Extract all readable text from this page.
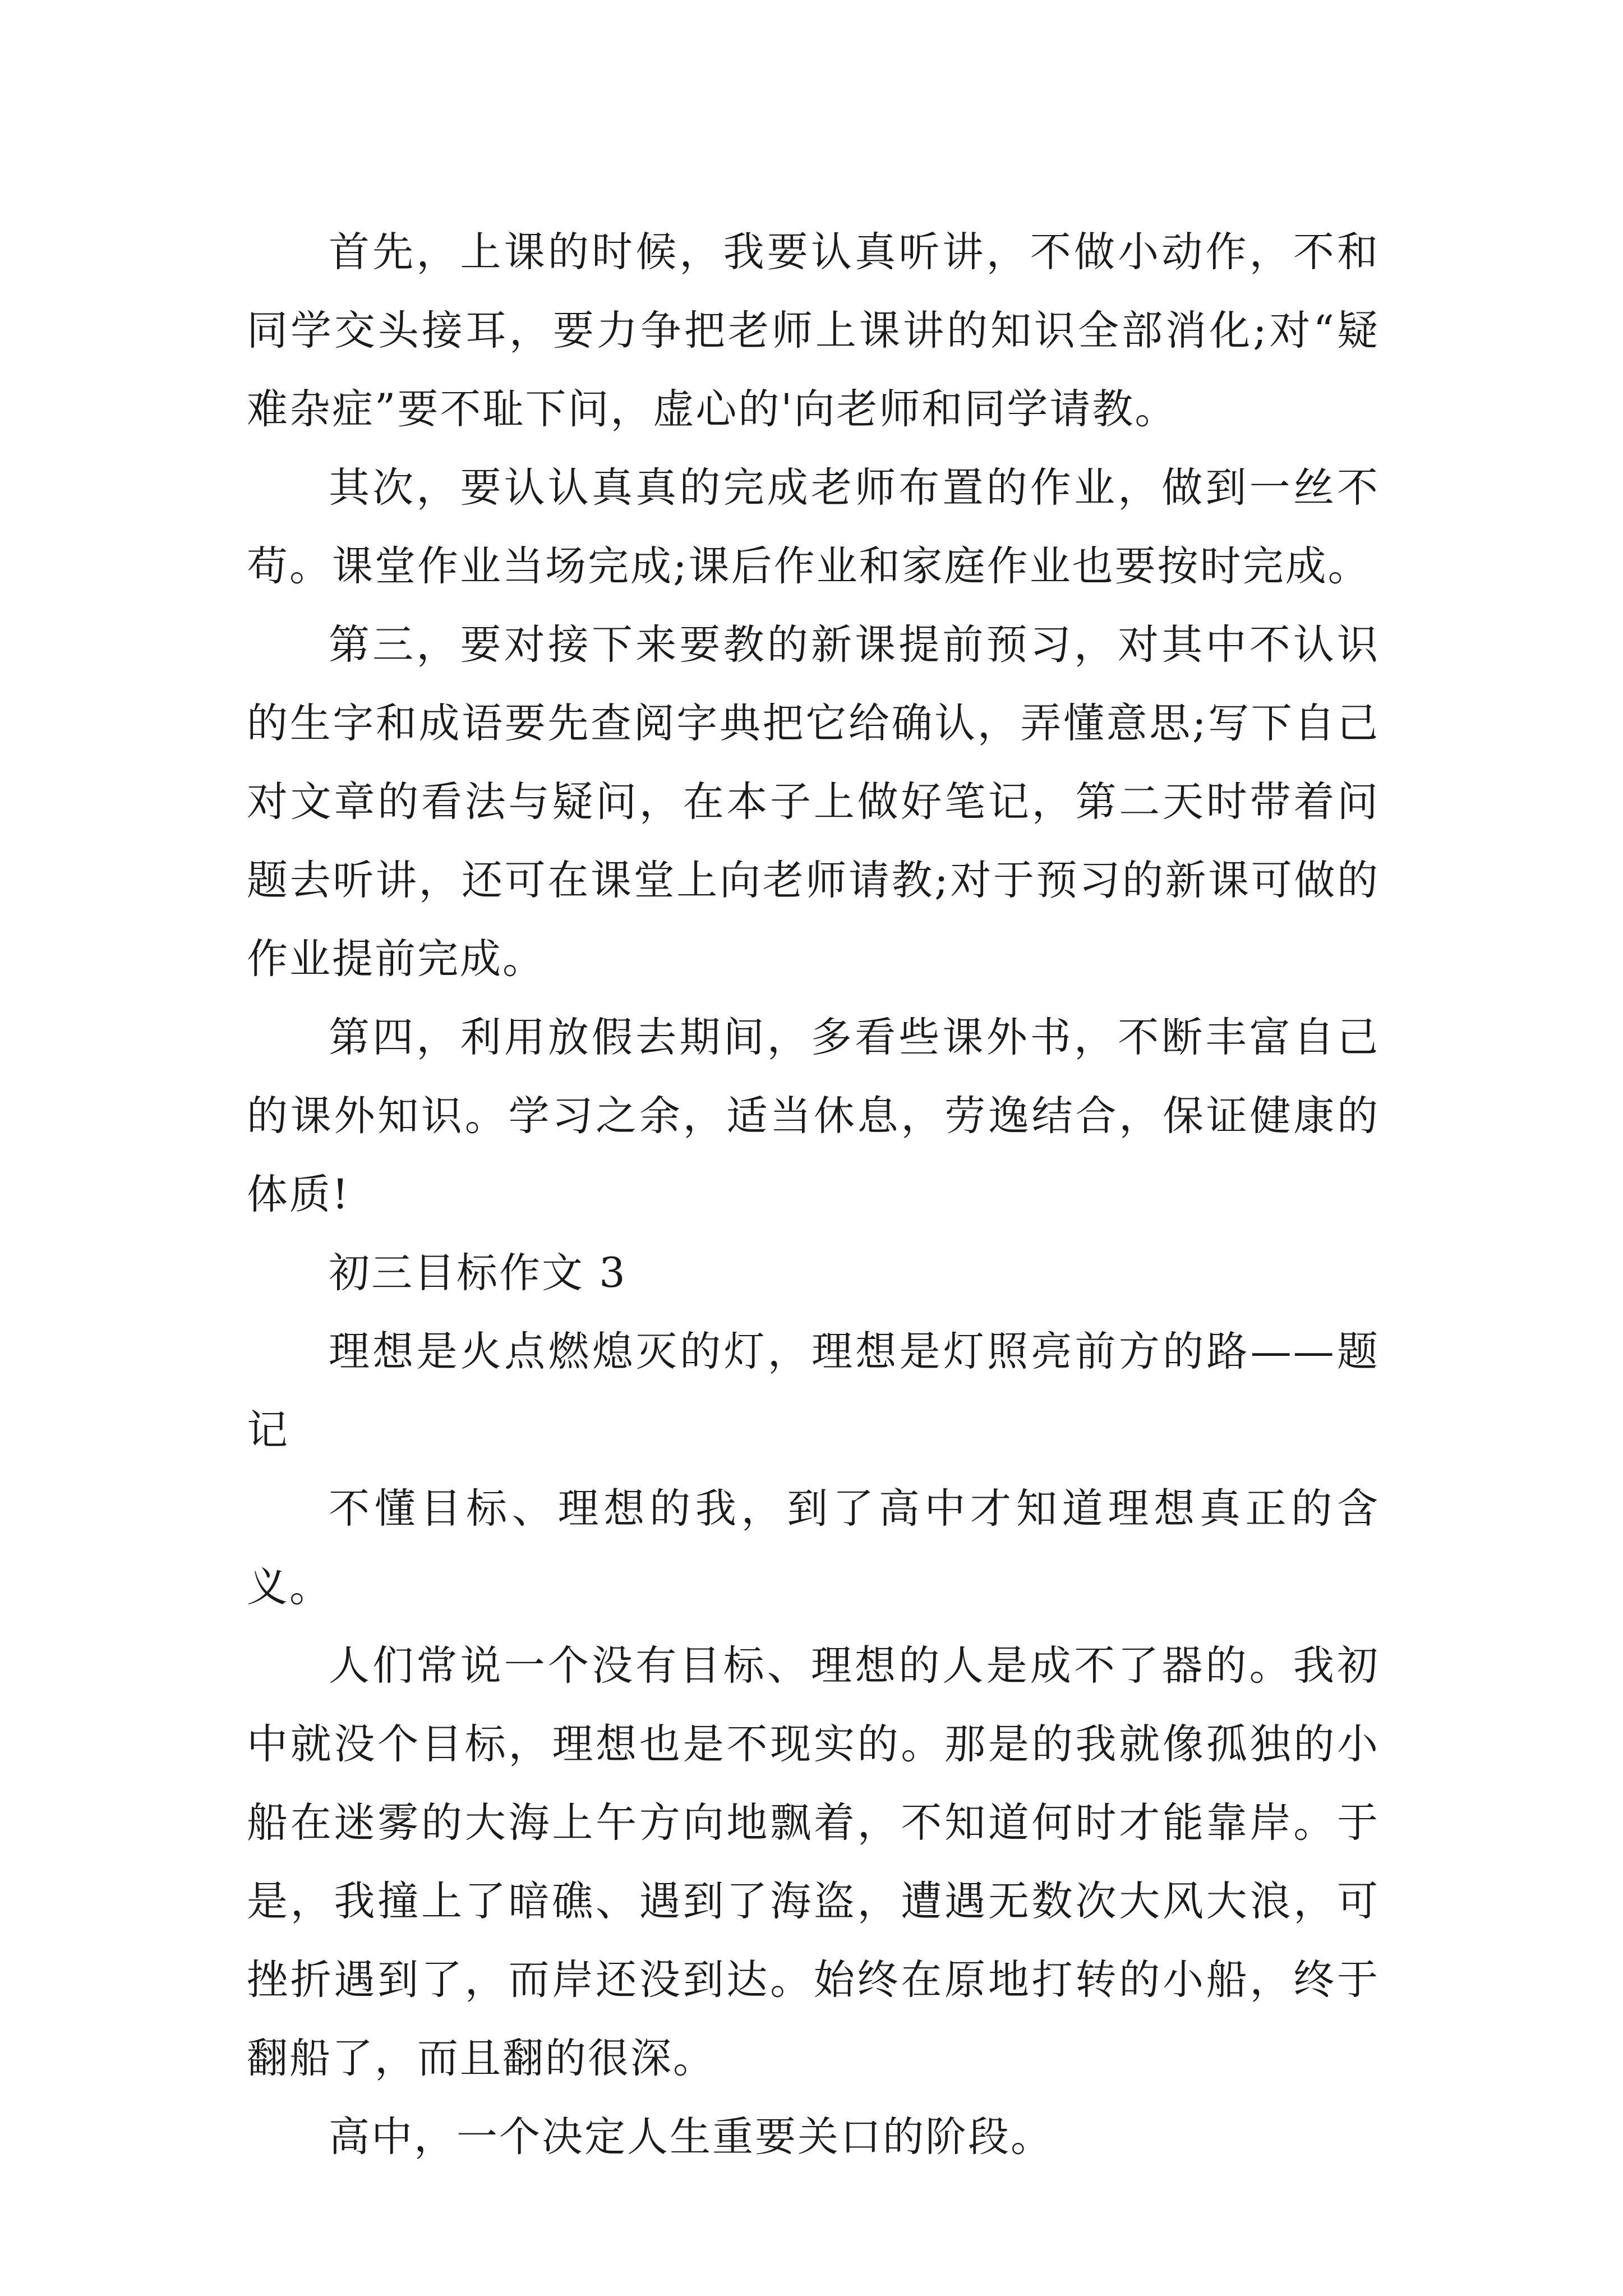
首先，上课的时候，我要认真听讲，不做小动作，不和同学交头接耳，要力争把老师上课讲的知识全部消化;对“疑难杂症”要不耻下问，虚心的'向老师和同学请教。

其次，要认认真真的完成老师布置的作业，做到一丝不苟。课堂作业当场完成;课后作业和家庭作业也要按时完成。

第三，要对接下来要教的新课提前预习，对其中不认识的生字和成语要先查阅字典把它给确认，弄懂意思;写下自己对文章的看法与疑问，在本子上做好笔记，第二天时带着问题去听讲，还可在课堂上向老师请教;对于预习的新课可做的作业提前完成。

第四，利用放假去期间，多看些课外书，不断丰富自己的课外知识。学习之余，适当休息，劳逸结合，保证健康的体质!

初三目标作文 3

理想是火点燃熄灭的灯，理想是灯照亮前方的路——题记

不懂目标、理想的我，到了高中才知道理想真正的含义。

人们常说一个没有目标、理想的人是成不了器的。我初中就没个目标，理想也是不现实的。那是的我就像孤独的小船在迷雾的大海上午方向地飘着，不知道何时才能靠岸。于是，我撞上了暗礁、遇到了海盗，遭遇无数次大风大浪，可挫折遇到了，而岸还没到达。始终在原地打转的小船，终于翻船了，而且翻的很深。

高中，一个决定人生重要关口的阶段。
